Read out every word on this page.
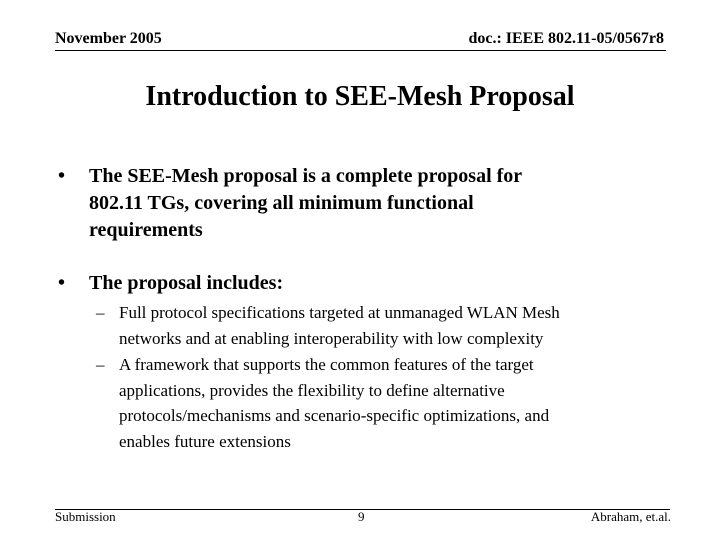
November 2005	doc.: IEEE 802.11-05/0567r8
Introduction to SEE-Mesh Proposal
• The SEE-Mesh proposal is a complete proposal for
802.11 TGs, covering all minimum functional
requirements
• The proposal includes:
– Full protocol specifications targeted at unmanaged WLAN Mesh
networks and at enabling interoperability with low complexity
– A framework that supports the common features of the target
applications, provides the flexibility to define alternative
protocols/mechanisms and scenario-specific optimizations, and
enables future extensions
Submission	9	Abraham, et.al.
